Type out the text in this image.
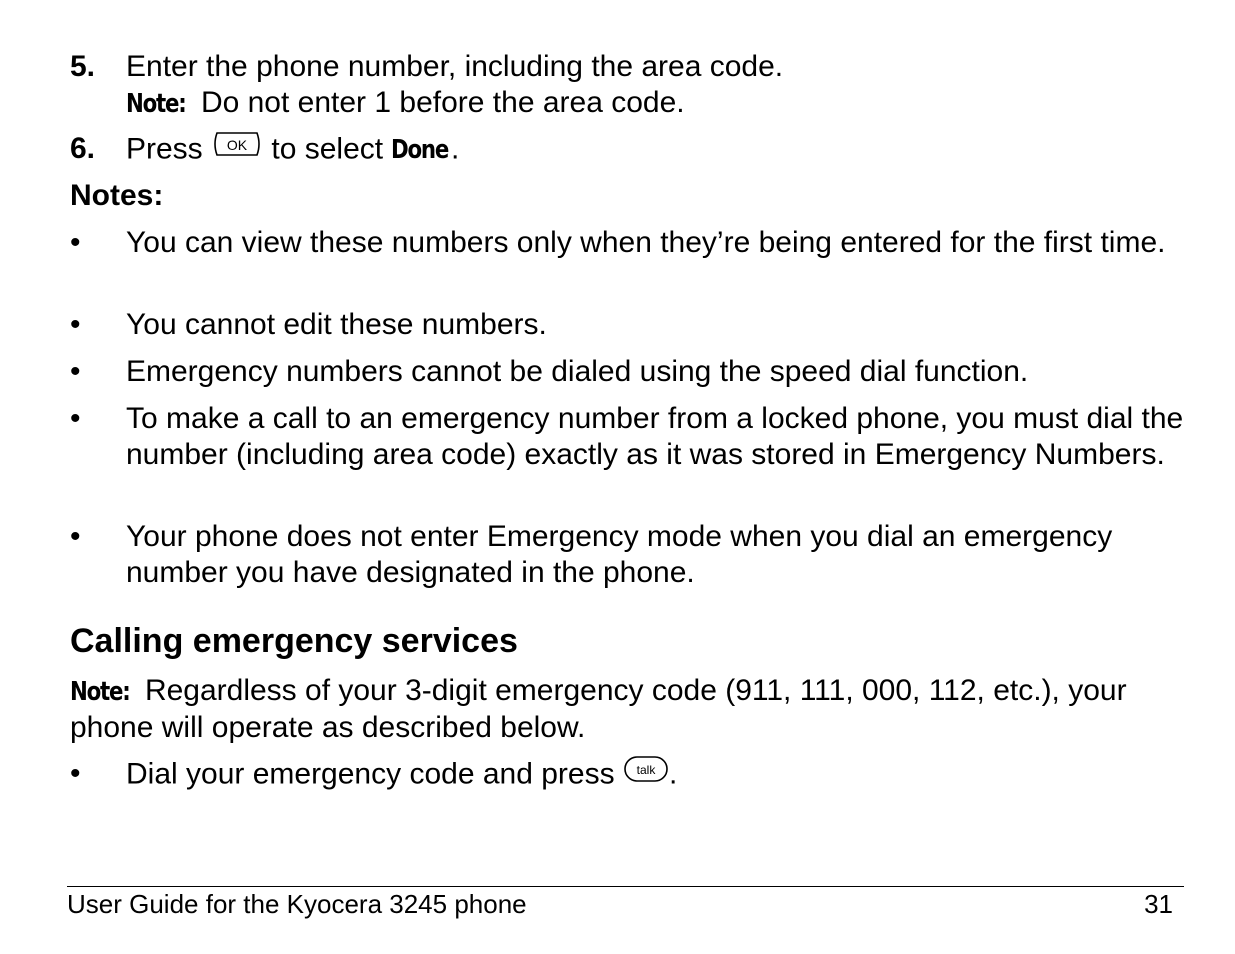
5. Enter the phone number, including the area code.
Note: Do not enter 1 before the area code.
6. Press OK to select Done.
Notes:
• You can view these numbers only when they’re being entered for the first time.
• You cannot edit these numbers.
• Emergency numbers cannot be dialed using the speed dial function.
• To make a call to an emergency number from a locked phone, you must dial the number (including area code) exactly as it was stored in Emergency Numbers.
• Your phone does not enter Emergency mode when you dial an emergency number you have designated in the phone.
Calling emergency services
Note: Regardless of your 3-digit emergency code (911, 111, 000, 112, etc.), your phone will operate as described below.
• Dial your emergency code and press talk .
User Guide for the Kyocera 3245 phone	31
